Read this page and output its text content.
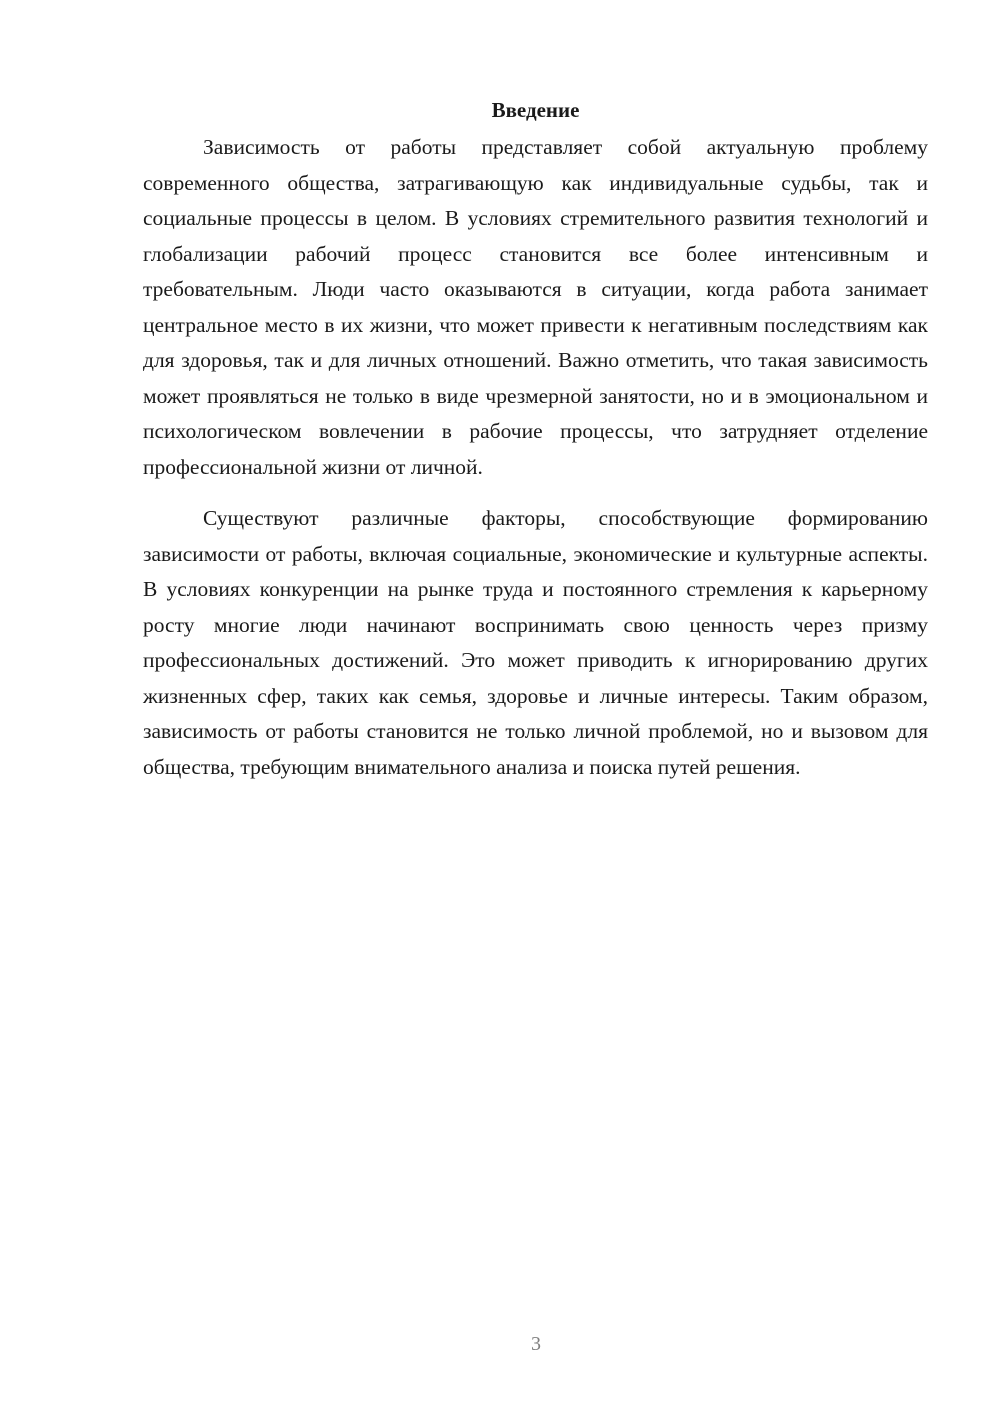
Введение

Зависимость от работы представляет собой актуальную проблему современного общества, затрагивающую как индивидуальные судьбы, так и социальные процессы в целом. В условиях стремительного развития технологий и глобализации рабочий процесс становится все более интенсивным и требовательным. Люди часто оказываются в ситуации, когда работа занимает центральное место в их жизни, что может привести к негативным последствиям как для здоровья, так и для личных отношений. Важно отметить, что такая зависимость может проявляться не только в виде чрезмерной занятости, но и в эмоциональном и психологическом вовлечении в рабочие процессы, что затрудняет отделение профессиональной жизни от личной.

Существуют различные факторы, способствующие формированию зависимости от работы, включая социальные, экономические и культурные аспекты. В условиях конкуренции на рынке труда и постоянного стремления к карьерному росту многие люди начинают воспринимать свою ценность через призму профессиональных достижений. Это может приводить к игнорированию других жизненных сфер, таких как семья, здоровье и личные интересы. Таким образом, зависимость от работы становится не только личной проблемой, но и вызовом для общества, требующим внимательного анализа и поиска путей решения.

3
